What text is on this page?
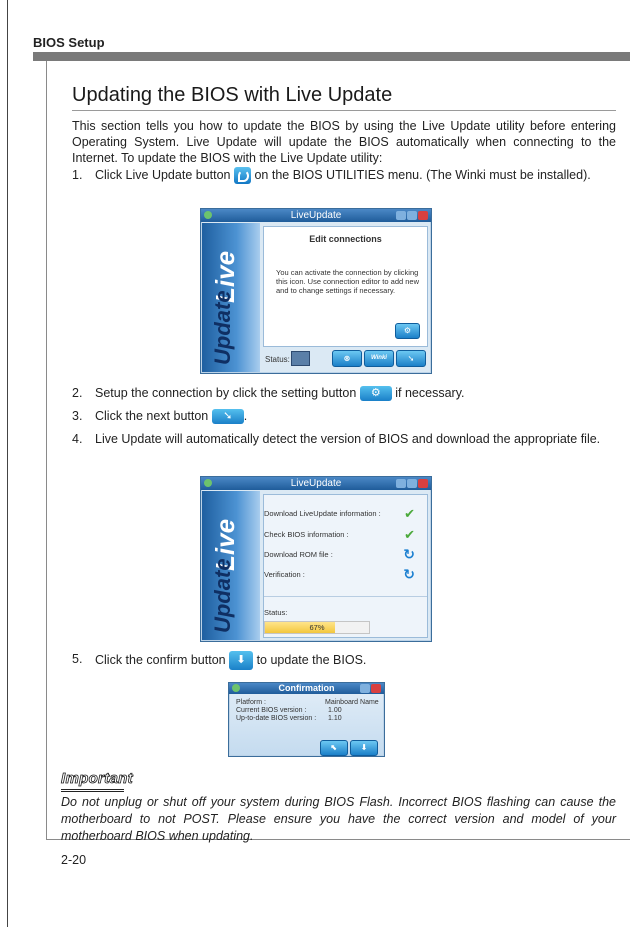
BIOS Setup
Updating the BIOS with Live Update

This section tells you how to update the BIOS by using the Live Update utility before entering Operating System. Live Update will update the BIOS automatically when connecting to the Internet. To update the BIOS with the Live Update utility:

1. Click Live Update button on the BIOS UTILITIES menu. (The Winki must be installed).
LiveUpdate
Live
Update
Edit connections
You can activate the connection by clicking this icon. Use connection editor to add new and to change settings if necessary.
⚙
Status:	⊗	Winki	➘
2. Setup the connection by click the setting button	⚙	if necessary.
3. Click the next button	➘ .
4. Live Update will automatically detect the version of BIOS and download the appropriate file.
LiveUpdate
Live
Update
Download LiveUpdate information : ✔
Check BIOS information :	✔
Download ROM file :	↻
Verification :	↻
Status:
67%
5. Click the confirm button ⬇ to update the BIOS.
Confirmation
Platform :	Mainboard Name
Current BIOS version :	1.00
Up-to-date BIOS version : 1.10
⬉	⬇
Important

Do not unplug or shut off your system during BIOS Flash. Incorrect BIOS flashing can cause the motherboard to not POST. Please ensure you have the correct version and model of your motherboard BIOS when updating.

2-20
